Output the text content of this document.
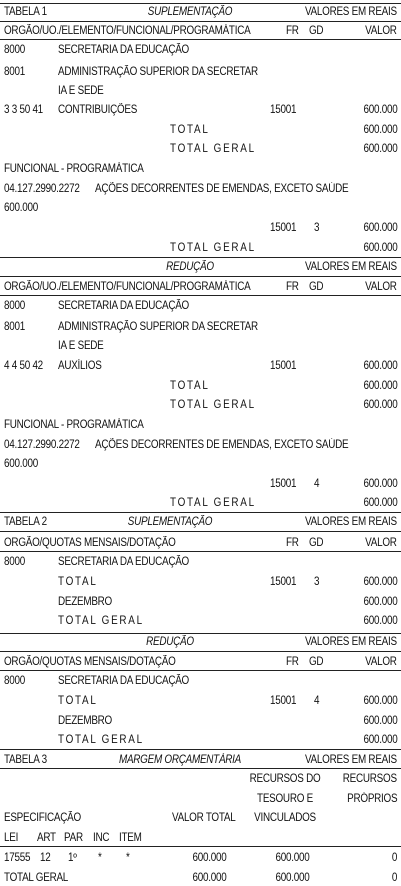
TABELA 1	SUPLEMENTAÇÃO	VALORES EM REAIS
ORGÃO/UO./ELEMENTO/FUNCIONAL/PROGRAMÁTICA	FR GD	VALOR
8000	SECRETARIA DA EDUCAÇÃO
8001	ADMINISTRAÇÃO SUPERIOR DA SECRETAR
IA E SEDE
3 3 50 41 CONTRIBUIÇÕES	15001	600.000
TOTAL	600.000
TOTAL GERAL	600.000
FUNCIONAL - PROGRAMÁTICA
04.127.2990.2272 AÇÕES DECORRENTES DE EMENDAS, EXCETO SAÚDE
600.000
15001 3	600.000
TOTAL GERAL	600.000
REDUÇÃO	VALORES EM REAIS
ORGÃO/UO./ELEMENTO/FUNCIONAL/PROGRAMÁTICA	FR GD	VALOR
8000	SECRETARIA DA EDUCAÇÃO
8001	ADMINISTRAÇÃO SUPERIOR DA SECRETAR
IA E SEDE
4 4 50 42 AUXÍLIOS	15001	600.000
TOTAL	600.000
TOTAL GERAL	600.000
FUNCIONAL - PROGRAMÁTICA
04.127.2990.2272 AÇÕES DECORRENTES DE EMENDAS, EXCETO SAÚDE
600.000
15001 4	600.000
TOTAL GERAL	600.000
TABELA 2	SUPLEMENTAÇÃO	VALORES EM REAIS
ORGÃO/QUOTAS MENSAIS/DOTAÇÃO	FR GD	VALOR
8000	SECRETARIA DA EDUCAÇÃO
TOTAL	15001 3	600.000
DEZEMBRO	600.000
TOTAL GERAL	600.000
REDUÇÃO	VALORES EM REAIS
ORGÃO/QUOTAS MENSAIS/DOTAÇÃO	FR GD	VALOR
8000	SECRETARIA DA EDUCAÇÃO
TOTAL	15001 4	600.000
DEZEMBRO	600.000
TOTAL GERAL	600.000
TABELA 3	MARGEM ORÇAMENTÁRIA	VALORES EM REAIS
RECURSOS DO
TESOURO E
VINCULADOS
RECURSOS
PRÓPRIOS
ESPECIFICAÇÃO	VALOR TOTAL
LEI ART PAR INC ITEM
17555 12 1º * *	600.000	600.000	0
TOTAL GERAL	600.000	600.000	0
